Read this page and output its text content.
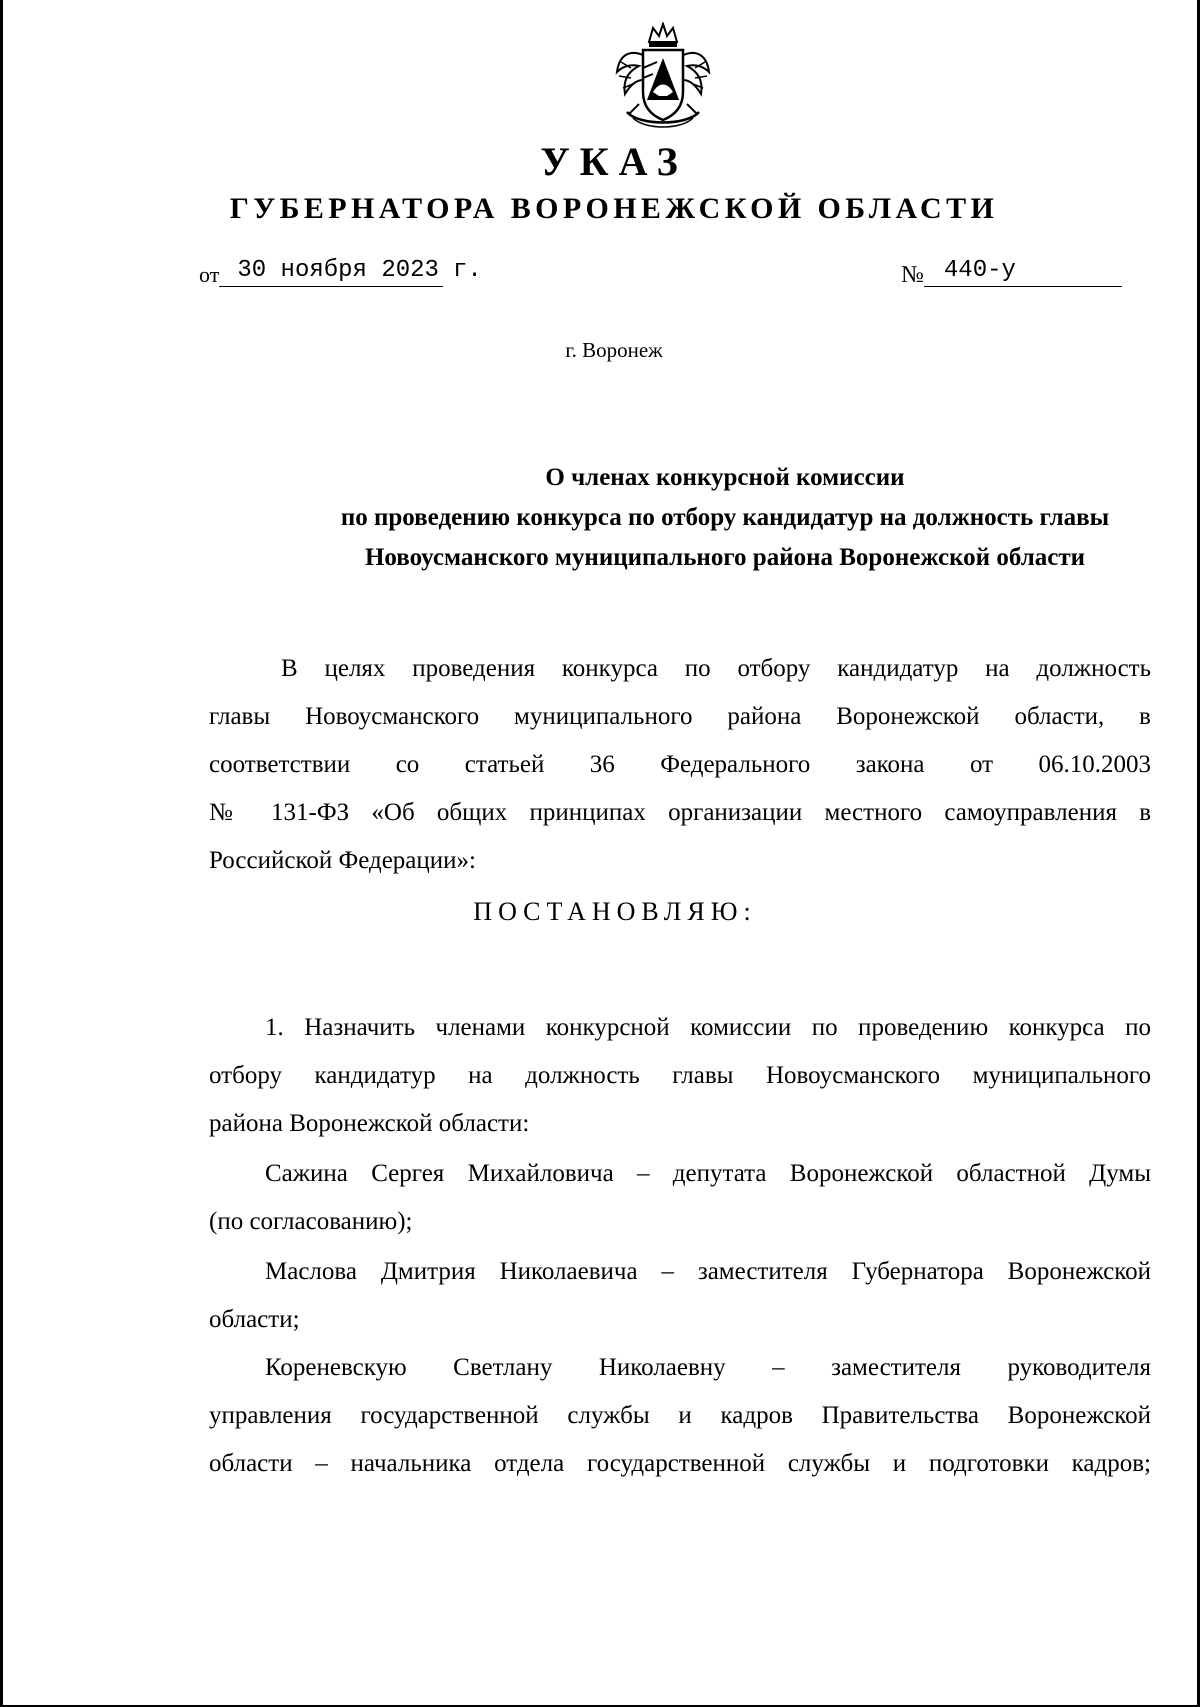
УКАЗ
ГУБЕРНАТОРА ВОРОНЕЖСКОЙ ОБЛАСТИ
от 30 ноября 2023 г.	№ 440-у
г. Воронеж
О членах конкурсной комиссии
по проведению конкурса по отбору кандидатур на должность главы
Новоусманского муниципального района Воронежской области
В целях проведения конкурса по отбору кандидатур на должность
главы Новоусманского муниципального района Воронежской области, в
соответствии со статьей 36 Федерального закона от 06.10.2003
№ 131-ФЗ «Об общих принципах организации местного самоуправления в
Российской Федерации»:
ПОСТАНОВЛЯЮ:
1. Назначить членами конкурсной комиссии по проведению конкурса по
отбору кандидатур на должность главы Новоусманского муниципального
района Воронежской области:
Сажина Сергея Михайловича – депутата Воронежской областной Думы
(по согласованию);
Маслова Дмитрия Николаевича – заместителя Губернатора Воронежской
области;
Кореневскую Светлану Николаевну – заместителя руководителя
управления государственной службы и кадров Правительства Воронежской
области – начальника отдела государственной службы и подготовки кадров;
